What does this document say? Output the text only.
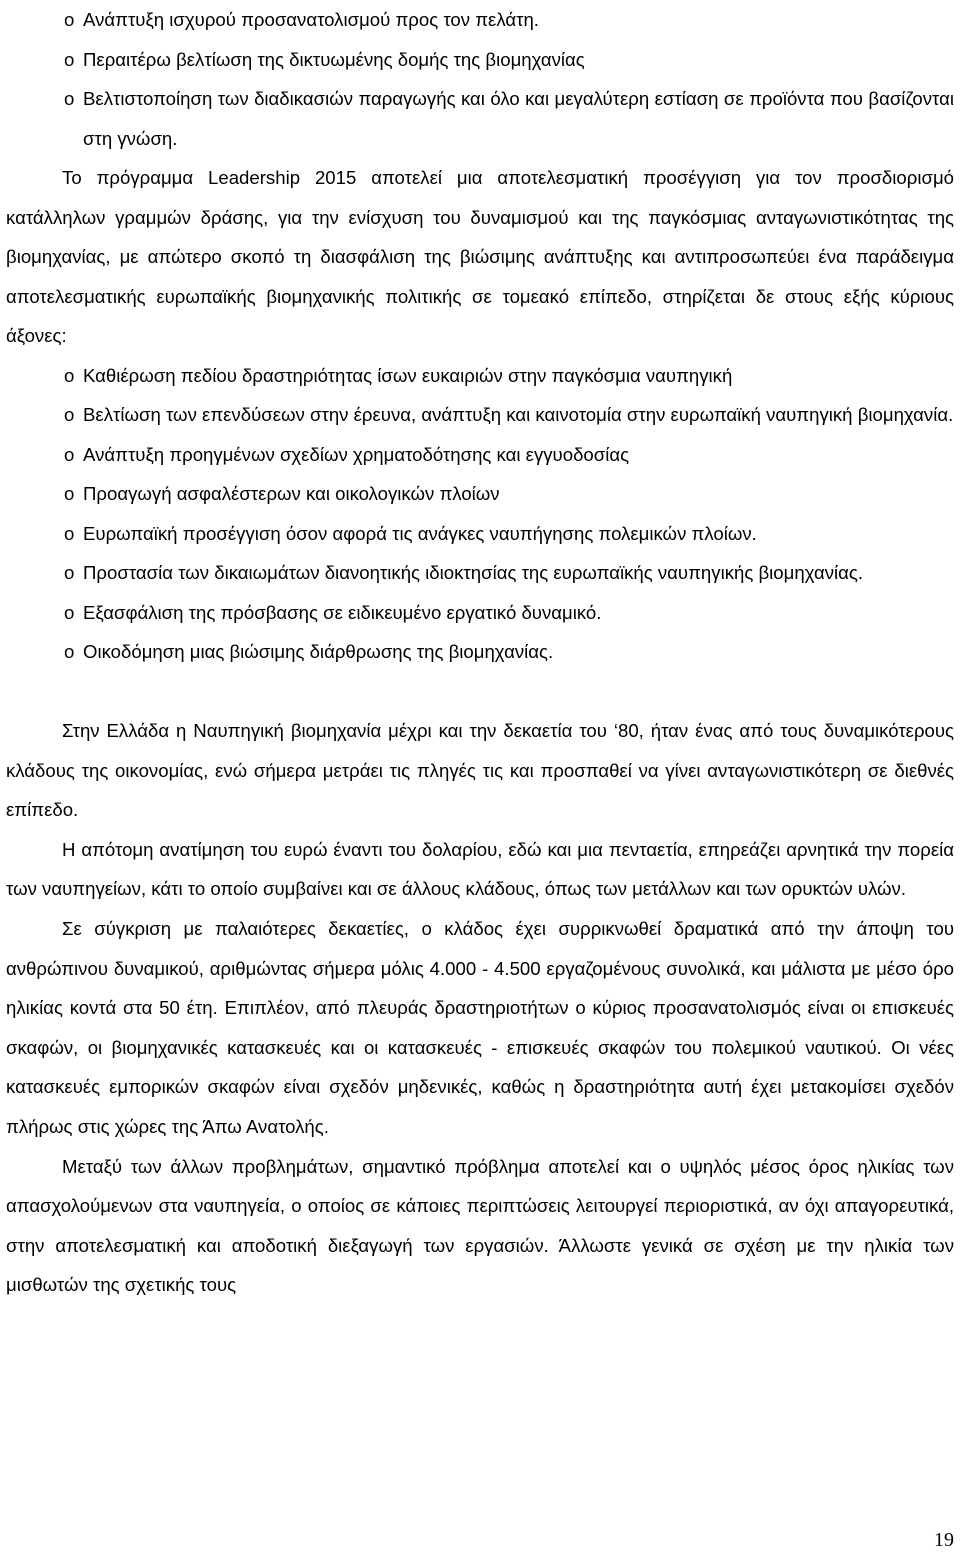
o Ανάπτυξη ισχυρού προσανατολισμού προς τον πελάτη.

o Περαιτέρω βελτίωση της δικτυωμένης δομής της βιομηχανίας

o Βελτιστοποίηση των διαδικασιών παραγωγής και όλο και μεγαλύτερη εστίαση σε προϊόντα που βασίζονται στη γνώση.

Το πρόγραμμα Leadership 2015 αποτελεί μια αποτελεσματική προσέγγιση για τον προσδιορισμό κατάλληλων γραμμών δράσης, για την ενίσχυση του δυναμισμού και της παγκόσμιας ανταγωνιστικότητας της βιομηχανίας, με απώτερο σκοπό τη διασφάλιση της βιώσιμης ανάπτυξης και αντιπροσωπεύει ένα παράδειγμα αποτελεσματικής ευρωπαϊκής βιομηχανικής πολιτικής σε τομεακό επίπεδο, στηρίζεται δε στους εξής κύριους άξονες:

o Καθιέρωση πεδίου δραστηριότητας ίσων ευκαιριών στην παγκόσμια ναυπηγική

o Βελτίωση των επενδύσεων στην έρευνα, ανάπτυξη και καινοτομία στην ευρωπαϊκή ναυπηγική βιομηχανία.

o Ανάπτυξη προηγμένων σχεδίων χρηματοδότησης και εγγυοδοσίας

o Προαγωγή ασφαλέστερων και οικολογικών πλοίων

o Ευρωπαϊκή προσέγγιση όσον αφορά τις ανάγκες ναυπήγησης πολεμικών πλοίων.

o Προστασία των δικαιωμάτων διανοητικής ιδιοκτησίας της ευρωπαϊκής ναυπηγικής βιομηχανίας.

o Εξασφάλιση της πρόσβασης σε ειδικευμένο εργατικό δυναμικό.

o Οικοδόμηση μιας βιώσιμης διάρθρωσης της βιομηχανίας.

Στην Ελλάδα η Ναυπηγική βιομηχανία μέχρι και την δεκαετία του ‘80, ήταν ένας από τους δυναμικότερους κλάδους της οικονομίας, ενώ σήμερα μετράει τις πληγές τις και προσπαθεί να γίνει ανταγωνιστικότερη σε διεθνές επίπεδο.

Η απότομη ανατίμηση του ευρώ έναντι του δολαρίου, εδώ και μια πενταετία, επηρεάζει αρνητικά την πορεία των ναυπηγείων, κάτι το οποίο συμβαίνει και σε άλλους κλάδους, όπως των μετάλλων και των ορυκτών υλών.

Σε σύγκριση με παλαιότερες δεκαετίες, ο κλάδος έχει συρρικνωθεί δραματικά από την άποψη του ανθρώπινου δυναμικού, αριθμώντας σήμερα μόλις 4.000 - 4.500 εργαζομένους συνολικά, και μάλιστα με μέσο όρο ηλικίας κοντά στα 50 έτη. Επιπλέον, από πλευράς δραστηριοτήτων ο κύριος προσανατολισμός είναι οι επισκευές σκαφών, οι βιομηχανικές κατασκευές και οι κατασκευές - επισκευές σκαφών του πολεμικού ναυτικού. Οι νέες κατασκευές εμπορικών σκαφών είναι σχεδόν μηδενικές, καθώς η δραστηριότητα αυτή έχει μετακομίσει σχεδόν πλήρως στις χώρες της Άπω Ανατολής.

Μεταξύ των άλλων προβλημάτων, σημαντικό πρόβλημα αποτελεί και ο υψηλός μέσος όρος ηλικίας των απασχολούμενων στα ναυπηγεία, ο οποίος σε κάποιες περιπτώσεις λειτουργεί περιοριστικά, αν όχι απαγορευτικά, στην αποτελεσματική και αποδοτική διεξαγωγή των εργασιών. Άλλωστε γενικά σε σχέση με την ηλικία των μισθωτών της σχετικής τους

19
